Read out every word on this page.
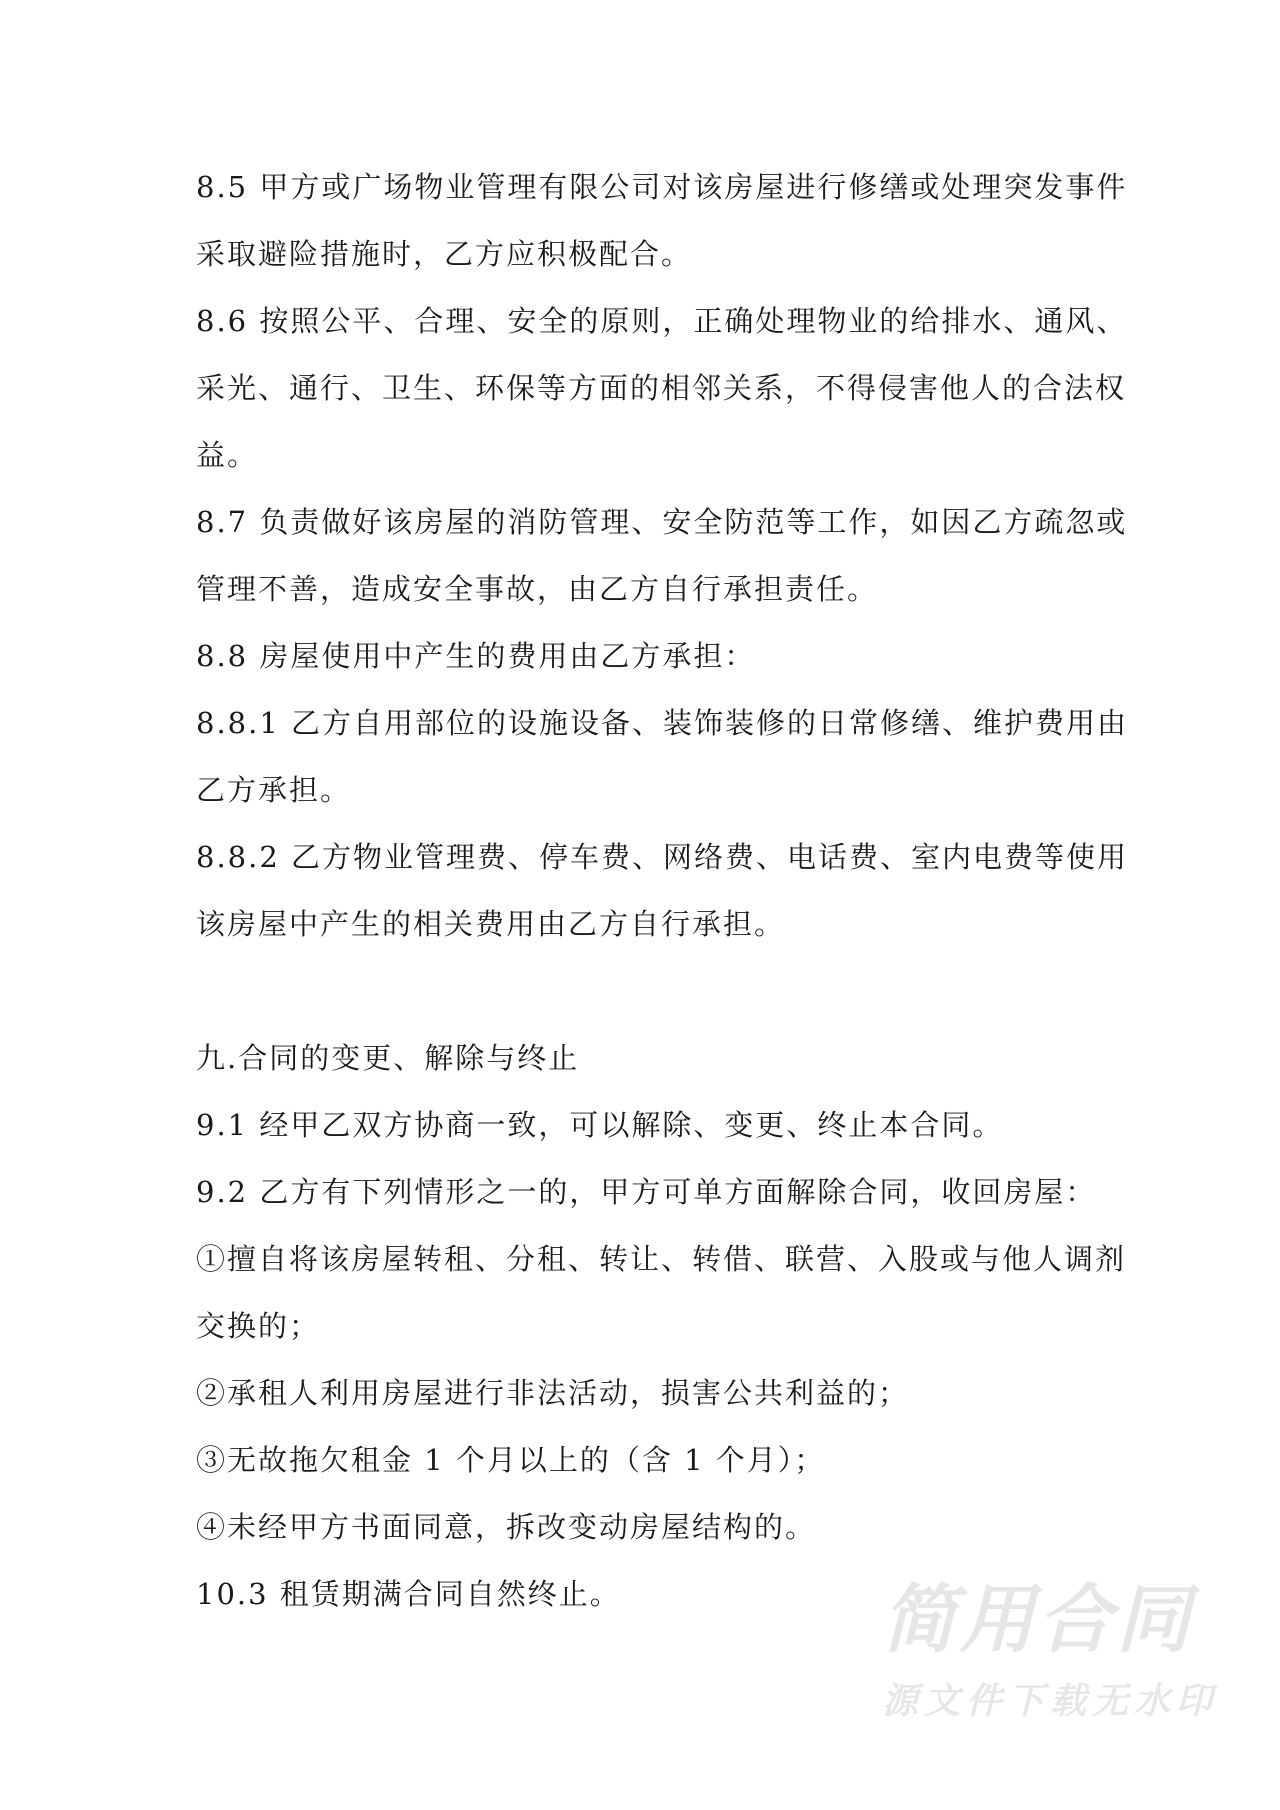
8.5 甲方或广场物业管理有限公司对该房屋进行修缮或处理突发事件
采取避险措施时，乙方应积极配合。
8.6 按照公平、合理、安全的原则，正确处理物业的给排水、通风、
采光、通行、卫生、环保等方面的相邻关系，不得侵害他人的合法权
益。
8.7 负责做好该房屋的消防管理、安全防范等工作，如因乙方疏忽或
管理不善，造成安全事故，由乙方自行承担责任。
8.8 房屋使用中产生的费用由乙方承担：
8.8.1 乙方自用部位的设施设备、装饰装修的日常修缮、维护费用由
乙方承担。
8.8.2 乙方物业管理费、停车费、网络费、电话费、室内电费等使用
该房屋中产生的相关费用由乙方自行承担。
九.合同的变更、解除与终止
9.1 经甲乙双方协商一致，可以解除、变更、终止本合同。
9.2 乙方有下列情形之一的，甲方可单方面解除合同，收回房屋：
①擅自将该房屋转租、分租、转让、转借、联营、入股或与他人调剂
交换的；
②承租人利用房屋进行非法活动，损害公共利益的；
③无故拖欠租金 1 个月以上的（含 1 个月）；
④未经甲方书面同意，拆改变动房屋结构的。
10.3 租赁期满合同自然终止。	简用合同
源文件下载无水印
